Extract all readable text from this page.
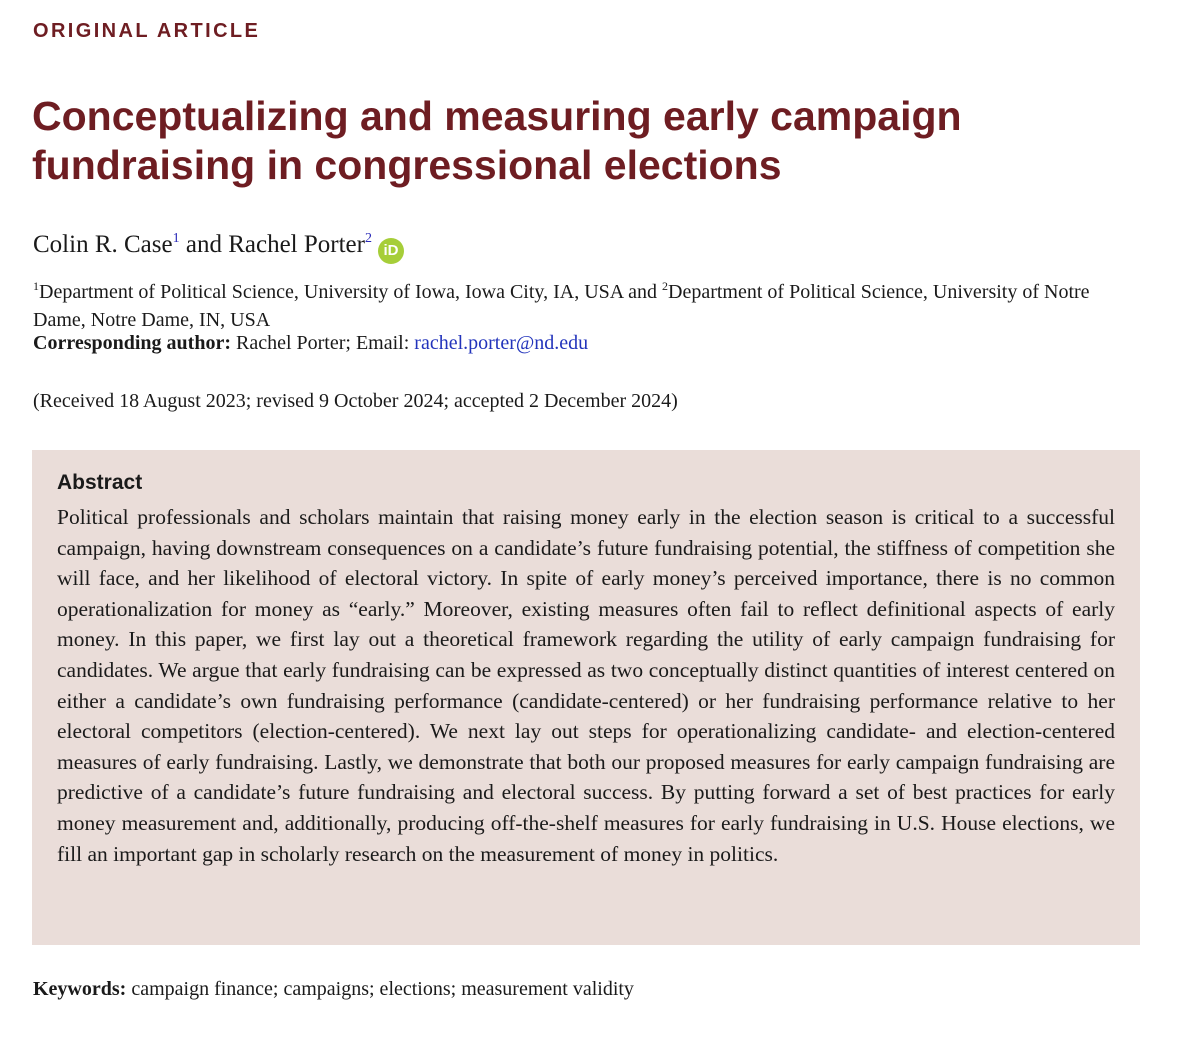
ORIGINAL ARTICLE
Conceptualizing and measuring early campaign fundraising in congressional elections
Colin R. Case$^1$ and Rachel Porter$^2$iD
$^1$Department of Political Science, University of Iowa, Iowa City, IA, USA and $^2$Department of Political Science, University of Notre Dame, Notre Dame, IN, USA
Corresponding author: Rachel Porter; Email: rachel.porter@nd.edu
(Received 18 August 2023; revised 9 October 2024; accepted 2 December 2024)
Abstract

Political professionals and scholars maintain that raising money early in the election season is critical to a successful campaign, having downstream consequences on a candidate’s future fundraising potential, the stiffness of competition she will face, and her likelihood of electoral victory. In spite of early money’s perceived importance, there is no common operationalization for money as “early.” Moreover, existing measures often fail to reflect definitional aspects of early money. In this paper, we first lay out a theoretical framework regarding the utility of early campaign fundraising for candidates. We argue that early fundraising can be expressed as two conceptually distinct quantities of interest centered on either a candidate’s own fundraising performance (candidate-centered) or her fundraising performance relative to her electoral competitors (election-centered). We next lay out steps for operationalizing candidate- and election-centered measures of early fundraising. Lastly, we demonstrate that both our proposed measures for early campaign fundraising are predictive of a candidate’s future fundraising and electoral success. By putting forward a set of best practices for early money measurement and, additionally, producing off-the-shelf measures for early fundraising in U.S. House elections, we fill an important gap in scholarly research on the measurement of money in politics.

Keywords: campaign finance; campaigns; elections; measurement validity
